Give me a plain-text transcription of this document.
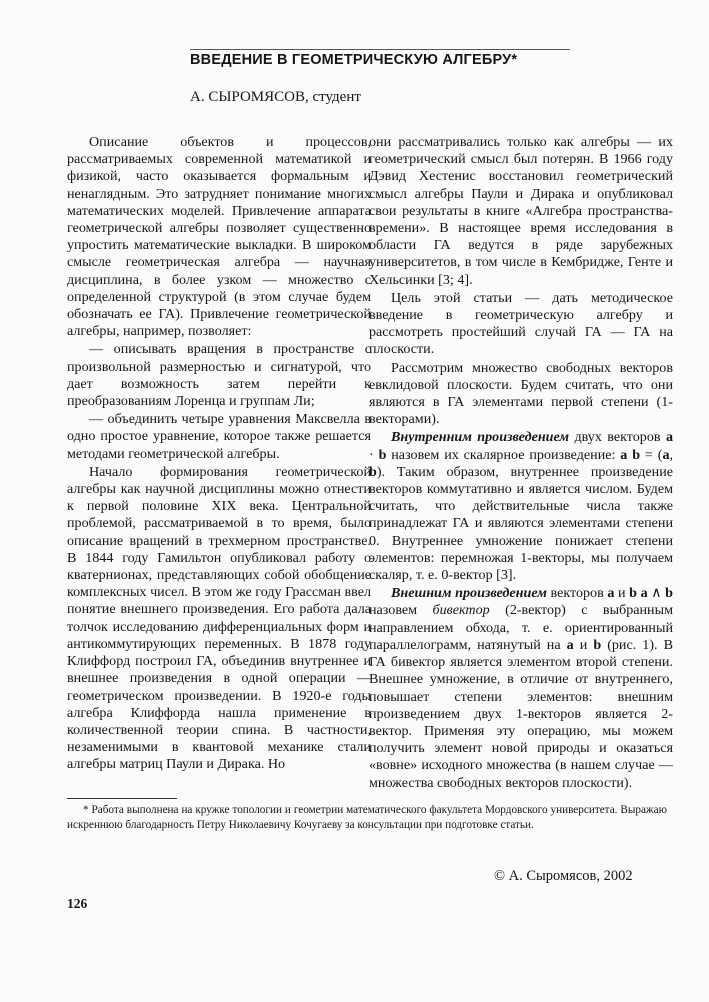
ВВЕДЕНИЕ В ГЕОМЕТРИЧЕСКУЮ АЛГЕБРУ*
А. СЫРОМЯСОВ, студент

Описание объектов и процессов, рассматриваемых современной математикой и физикой, часто оказывается формальным и ненаглядным. Это затрудняет понимание многих математических моделей. Привлечение аппарата геометрической алгебры позволяет существенно упростить математические выкладки. В широком смысле геометрическая алгебра — научная дисциплина, в более узком — множество с определенной структурой (в этом случае будем обозначать ее ГА). Привлечение геометрической алгебры, например, позволяет:

— описывать вращения в пространстве с произвольной размерностью и сигнатурой, что дает возможность затем перейти к преобразованиям Лоренца и группам Ли;

— объединить четыре уравнения Максвелла в одно простое уравнение, которое также решается методами геометрической алгебры.

Начало формирования геометрической алгебры как научной дисциплины можно отнести к первой половине XIX века. Центральной проблемой, рассматриваемой в то время, было описание вращений в трехмерном пространстве. В 1844 году Гамильтон опубликовал работу о кватернионах, представляющих собой обобщение комплексных чисел. В этом же году Грассман ввел понятие внешнего произведения. Его работа дала толчок исследованию дифференциальных форм и антикоммутирующих переменных. В 1878 году Клиффорд построил ГА, объединив внутреннее и внешнее произведения в одной операции — геометрическом произведении. В 1920-е годы алгебра Клиффорда нашла применение в количественной теории спина. В частности, незаменимыми в квантовой механике стали алгебры матриц Паули и Дирака. Но

они рассматривались только как алгебры — их геометрический смысл был потерян. В 1966 году Дэвид Хестенис восстановил геометрический смысл алгебры Паули и Дирака и опубликовал свои результаты в книге «Алгебра пространства-времени». В настоящее время исследования в области ГА ведутся в ряде зарубежных университетов, в том числе в Кембридже, Генте и Хельсинки [3; 4].

Цель этой статьи — дать методическое введение в геометрическую алгебру и рассмотреть простейший случай ГА — ГА на плоскости.

Рассмотрим множество свободных векторов евклидовой плоскости. Будем считать, что они являются в ГА элементами первой степени (1-векторами).

Внутренним произведением двух векторов a · b назовем их скалярное произведение: a b = (a, b). Таким образом, внутреннее произведение векторов коммутативно и является числом. Будем считать, что действительные числа также принадлежат ГА и являются элементами степени 0. Внутреннее умножение понижает степени элементов: перемножая 1-векторы, мы получаем скаляр, т. е. 0-вектор [3].

Внешним произведением векторов a и b a ∧ b назовем бивектор (2-вектор) с выбранным направлением обхода, т. е. ориентированный параллелограмм, натянутый на a и b (рис. 1). В ГА бивектор является элементом второй степени. Внешнее умножение, в отличие от внутреннего, повышает степени элементов: внешним произведением двух 1-векторов является 2-вектор. Применяя эту операцию, мы можем получить элемент новой природы и оказаться «вовне» исходного множества (в нашем случае — множества свободных векторов плоскости).

* Работа выполнена на кружке топологии и геометрии математического факультета Мордовского университета. Выражаю искреннюю благодарность Петру Николаевичу Кочугаеву за консультации при подготовке статьи.
© А. Сыромясов, 2002
126
